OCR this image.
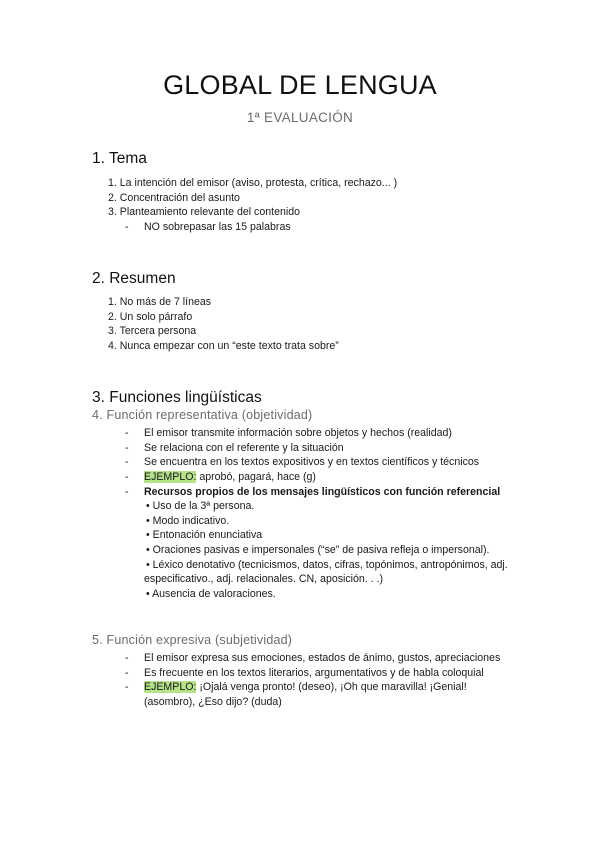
GLOBAL DE LENGUA
1ª EVALUACIÓN
1. Tema
1. La intención del emisor (aviso, protesta, crítica, rechazo... )
2. Concentración del asunto
3. Planteamiento relevante del contenido
- NO sobrepasar las 15 palabras
2. Resumen
1. No más de 7 líneas
2. Un solo párrafo
3. Tercera persona
4. Nunca empezar con un “este texto trata sobre”
3. Funciones lingüísticas
4. Función representativa (objetividad)
- El emisor transmite información sobre objetos y hechos (realidad)
- Se relaciona con el referente y la situación
- Se encuentra en los textos expositivos y en textos científicos y técnicos
- EJEMPLO: aprobó, pagará, hace (g)
- Recursos propios de los mensajes lingüísticos con función referencial
• Uso de la 3ª persona.
• Modo indicativo.
• Entonación enunciativa
• Oraciones pasivas e impersonales (“se” de pasiva refleja o impersonal).
• Léxico denotativo (tecnicismos, datos, cifras, topónimos, antropónimos, adj.
especificativo., adj. relacionales. CN, aposición. . .)
• Ausencia de valoraciones.
5. Función expresiva (subjetividad)
- El emisor expresa sus emociones, estados de ánimo, gustos, apreciaciones
- Es frecuente en los textos literarios, argumentativos y de habla coloquial
- EJEMPLO: ¡Ojalá venga pronto! (deseo), ¡Oh que maravilla! ¡Genial!
(asombro), ¿Eso dijo? (duda)
